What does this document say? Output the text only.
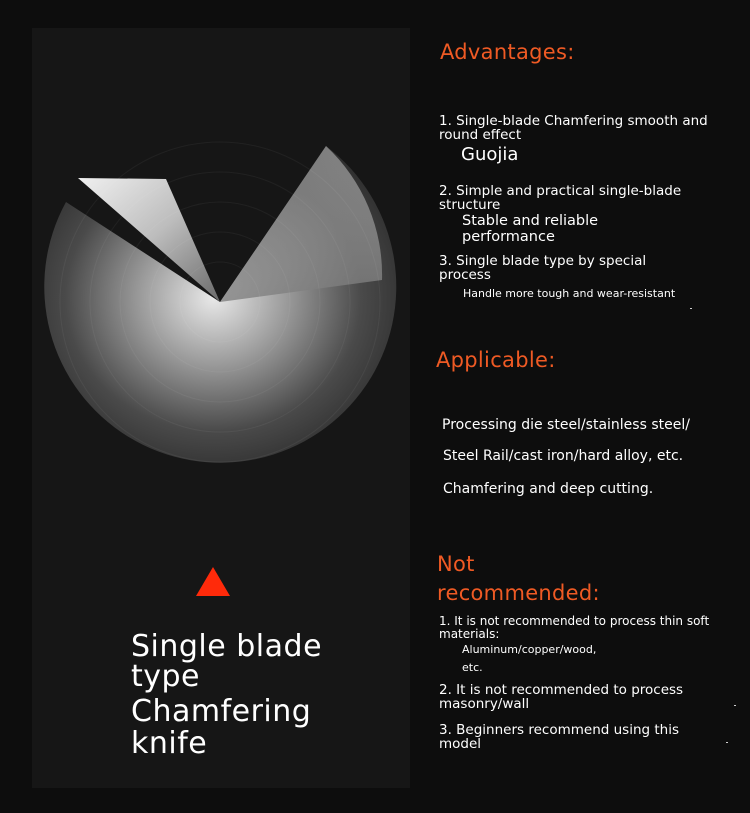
Single blade type
Chamfering knife
Advantages:
1. Single-blade Chamfering smooth and round effect
Guojia
2. Simple and practical single-blade structure
Stable and reliable performance
3. Single blade type by special process
Handle more tough and wear-resistant
Applicable:
Processing die steel/stainless steel/
Steel Rail/cast iron/hard alloy, etc.
Chamfering and deep cutting.
Not recommended:
1. It is not recommended to process thin soft materials:
Aluminum/copper/wood,
etc.
2. It is not recommended to process masonry/wall
3. Beginners recommend using this model
